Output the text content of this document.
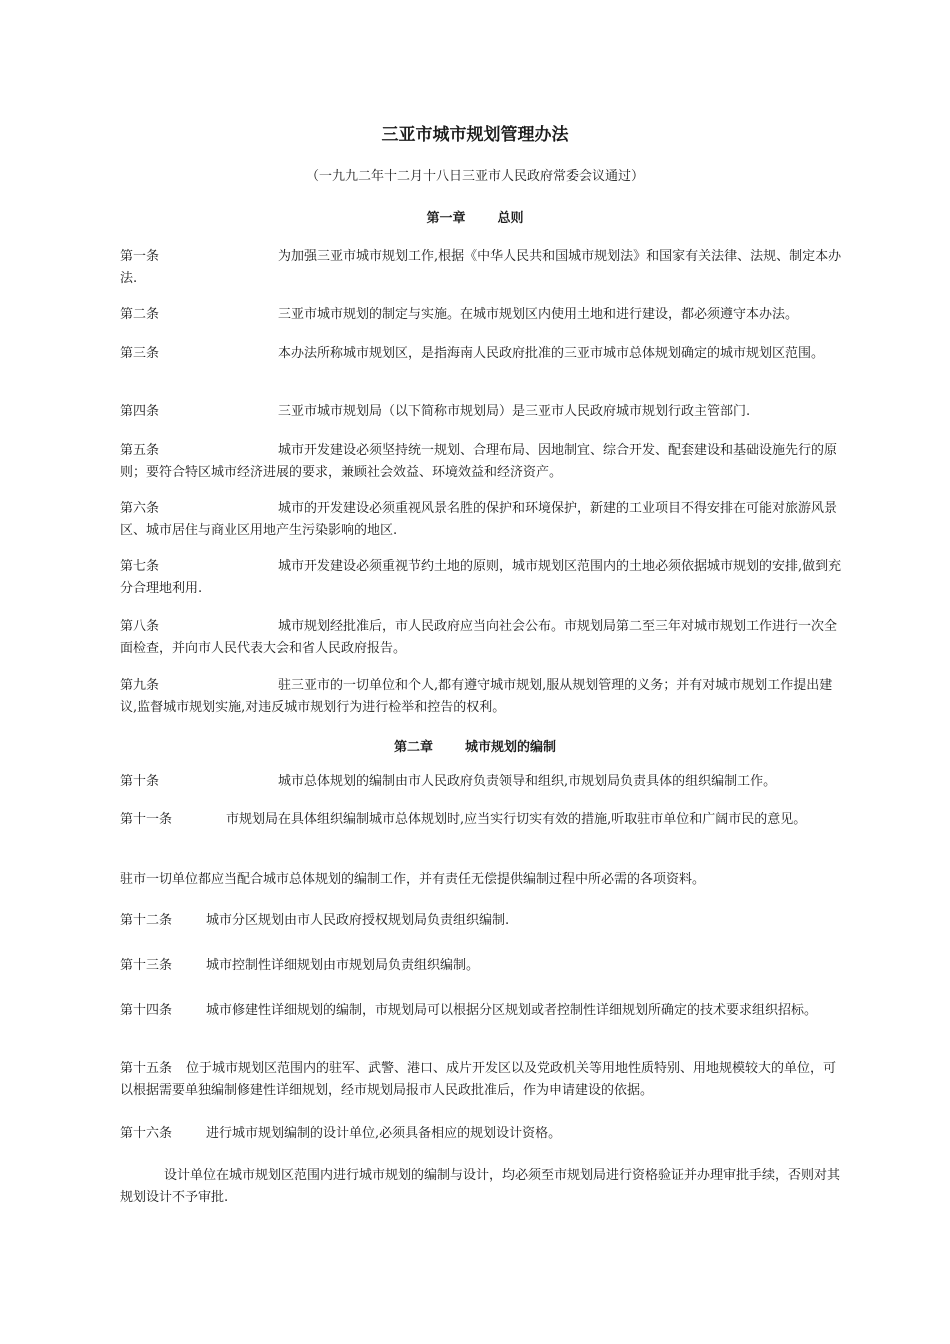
三亚市城市规划管理办法
（一九九二年十二月十八日三亚市人民政府常委会议通过）
第一章 总则
第一条	为加强三亚市城市规划工作,根据《中华人民共和国城市规划法》和国家有关法律、法规、制定本办法.
第二条	三亚市城市规划的制定与实施。在城市规划区内使用土地和进行建设，都必须遵守本办法。
第三条	本办法所称城市规划区，是指海南人民政府批准的三亚市城市总体规划确定的城市规划区范围。
第四条	三亚市城市规划局（以下简称市规划局）是三亚市人民政府城市规划行政主管部门.
第五条	城市开发建设必须坚持统一规划、合理布局、因地制宜、综合开发、配套建设和基础设施先行的原则；要符合特区城市经济进展的要求，兼顾社会效益、环境效益和经济资产。
第六条	城市的开发建设必须重视风景名胜的保护和环境保护，新建的工业项目不得安排在可能对旅游风景区、城市居住与商业区用地产生污染影响的地区.
第七条	城市开发建设必须重视节约土地的原则，城市规划区范围内的土地必须依据城市规划的安排,做到充分合理地利用.
第八条	城市规划经批准后，市人民政府应当向社会公布。市规划局第二至三年对城市规划工作进行一次全面检查，并向市人民代表大会和省人民政府报告。
第九条	驻三亚市的一切单位和个人,都有遵守城市规划,服从规划管理的义务；并有对城市规划工作提出建议,监督城市规划实施,对违反城市规划行为进行检举和控告的权利。
第二章 城市规划的编制
第十条	城市总体规划的编制由市人民政府负责领导和组织,市规划局负责具体的组织编制工作。
第十一条	市规划局在具体组织编制城市总体规划时,应当实行切实有效的措施,听取驻市单位和广阔市民的意见。
驻市一切单位都应当配合城市总体规划的编制工作，并有责任无偿提供编制过程中所必需的各项资料。
第十二条	城市分区规划由市人民政府授权规划局负责组织编制.
第十三条	城市控制性详细规划由市规划局负责组织编制。
第十四条	城市修建性详细规划的编制，市规划局可以根据分区规划或者控制性详细规划所确定的技术要求组织招标。
第十五条 位于城市规划区范围内的驻军、武警、港口、成片开发区以及党政机关等用地性质特别、用地规模较大的单位，可以根据需要单独编制修建性详细规划，经市规划局报市人民政批准后，作为申请建设的依据。
第十六条	进行城市规划编制的设计单位,必须具备相应的规划设计资格。
设计单位在城市规划区范围内进行城市规划的编制与设计，均必须至市规划局进行资格验证并办理审批手续，否则对其规划设计不予审批.
